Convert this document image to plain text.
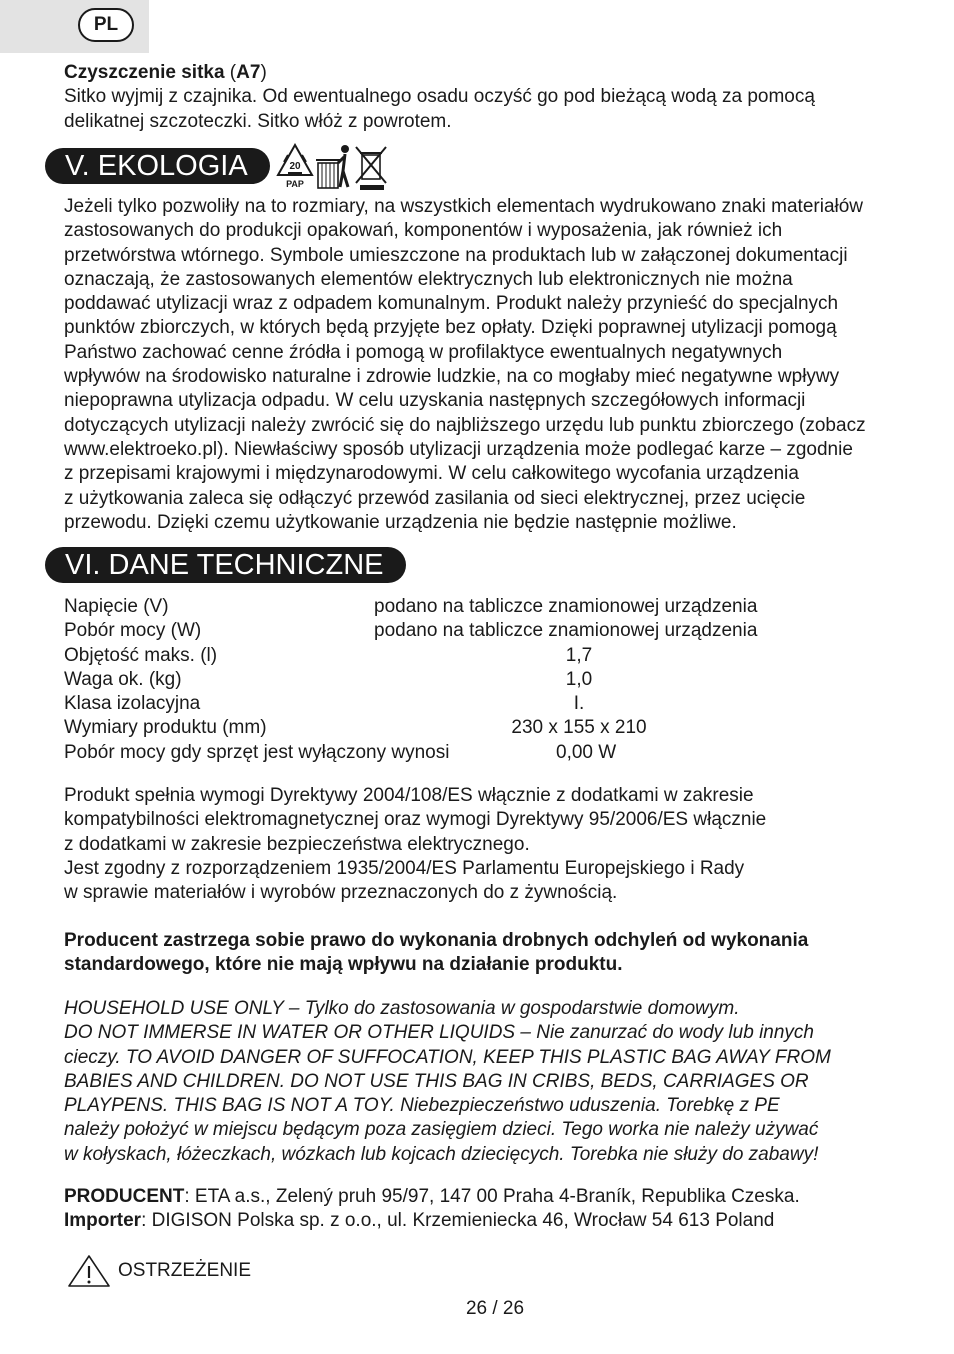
PL

Czyszczenie sitka (A7)

Sitko wyjmij z czajnika. Od ewentualnego osadu oczyść go pod bieżącą wodą za pomocą

delikatnej szczoteczki. Sitko włóż z powrotem.

V. EKOLOGIA	20
PAP

Jeżeli tylko pozwoliły na to rozmiary, na wszystkich elementach wydrukowano znaki materiałów

zastosowanych do produkcji opakowań, komponentów i wyposażenia, jak również ich

przetwórstwa wtórnego. Symbole umieszczone na produktach lub w załączonej dokumentacji

oznaczają, że zastosowanych elementów elektrycznych lub elektronicznych nie można

poddawać utylizacji wraz z odpadem komunalnym. Produkt należy przynieść do specjalnych

punktów zbiorczych, w których będą przyjęte bez opłaty. Dzięki poprawnej utylizacji pomogą

Państwo zachować cenne źródła i pomogą w profilaktyce ewentualnych negatywnych

wpływów na środowisko naturalne i zdrowie ludzkie, na co mogłaby mieć negatywne wpływy

niepoprawna utylizacja odpadu. W celu uzyskania następnych szczegółowych informacji

dotyczących utylizacji należy zwrócić się do najbliższego urzędu lub punktu zbiorczego (zobacz

www.elektroeko.pl). Niewłaściwy sposób utylizacji urządzenia może podlegać karze – zgodnie

z przepisami krajowymi i międzynarodowymi. W celu całkowitego wycofania urządzenia

z użytkowania zaleca się odłączyć przewód zasilania od sieci elektrycznej, przez ucięcie

przewodu. Dzięki czemu użytkowanie urządzenia nie będzie następnie możliwe.

VI. DANE TECHNICZNE
Napięcie (V)	podano na tabliczce znamionowej urządzenia
Pobór mocy (W)	podano na tabliczce znamionowej urządzenia
Objętość maks. (l)	1,7
Waga ok. (kg)	1,0
Klasa izolacyjna	I.
Wymiary produktu (mm)	230 x 155 x 210
Pobór mocy gdy sprzęt jest wyłączony wynosi	0,00 W

Produkt spełnia wymogi Dyrektywy 2004/108/ES włącznie z dodatkami w zakresie

kompatybilności elektromagnetycznej oraz wymogi Dyrektywy 95/2006/ES włącznie

z dodatkami w zakresie bezpieczeństwa elektrycznego.

Jest zgodny z rozporządzeniem 1935/2004/ES Parlamentu Europejskiego i Rady

w sprawie materiałów i wyrobów przeznaczonych do z żywnością.

Producent zastrzega sobie prawo do wykonania drobnych odchyleń od wykonania

standardowego, które nie mają wpływu na działanie produktu.

HOUSEHOLD USE ONLY – Tylko do zastosowania w gospodarstwie domowym.

DO NOT IMMERSE IN WATER OR OTHER LIQUIDS – Nie zanurzać do wody lub innych

cieczy. TO AVOID DANGER OF SUFFOCATION, KEEP THIS PLASTIC BAG AWAY FROM

BABIES AND CHILDREN. DO NOT USE THIS BAG IN CRIBS, BEDS, CARRIAGES OR

PLAYPENS. THIS BAG IS NOT A TOY. Niebezpieczeństwo uduszenia. Torebkę z PE

należy położyć w miejscu będącym poza zasięgiem dzieci. Tego worka nie należy używać

w kołyskach, łóżeczkach, wózkach lub kojcach dziecięcych. Torebka nie służy do zabawy!

PRODUCENT: ETA a.s., Zelený pruh 95/97, 147 00 Praha 4-Braník, Republika Czeska.

Importer: DIGISON Polska sp. z o.o., ul. Krzemieniecka 46, Wrocław 54 613 Poland

OSTRZEŻENIE
26 / 26
